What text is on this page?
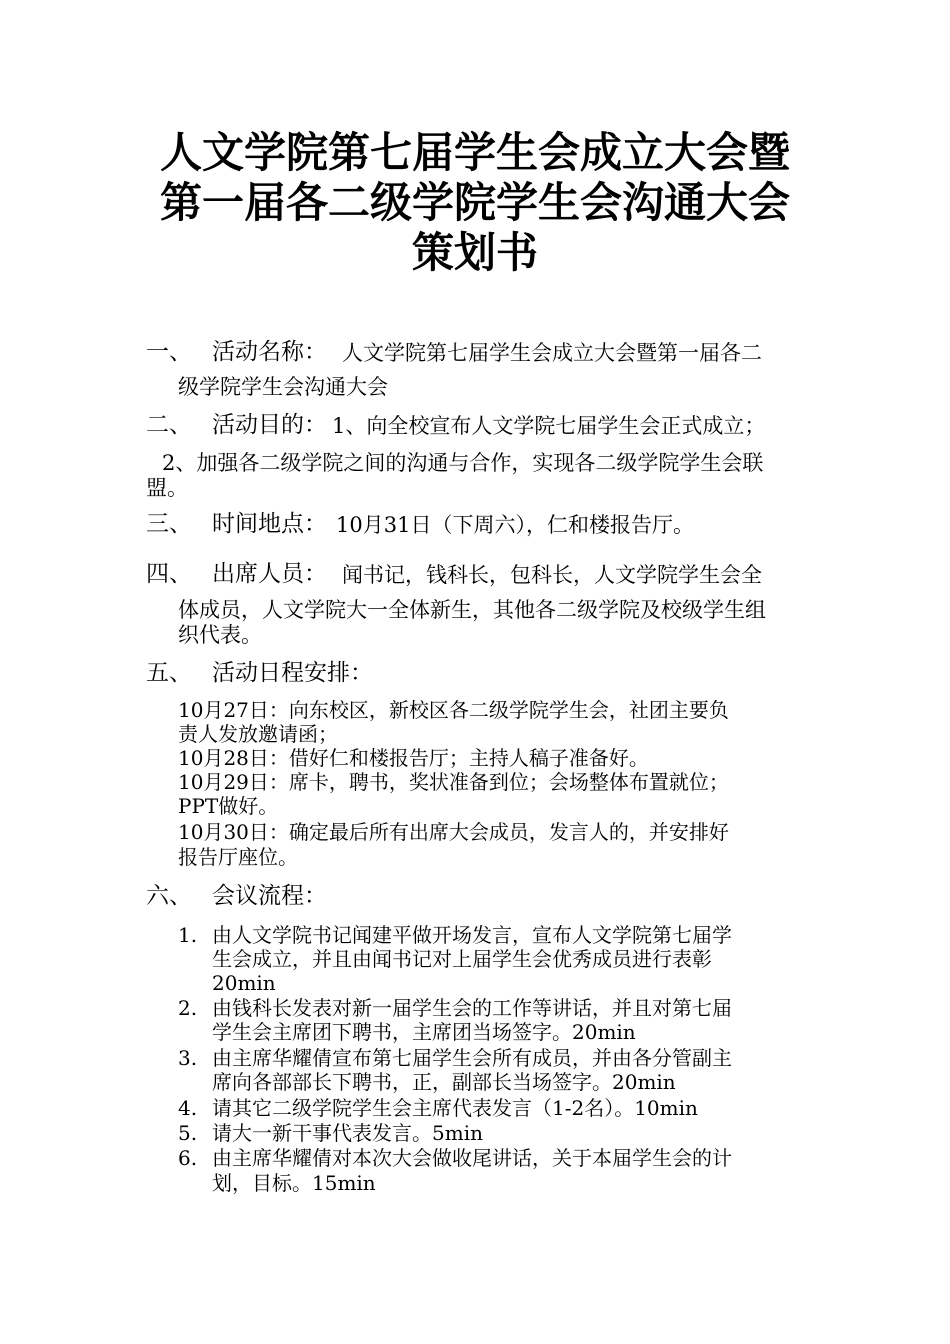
人文学院第七届学生会成立大会暨
第一届各二级学院学生会沟通大会
策划书
一、 活动名称： 人文学院第七届学生会成立大会暨第一届各二
级学院学生会沟通大会
二、 活动目的： 1、向全校宣布人文学院七届学生会正式成立；
2、加强各二级学院之间的沟通与合作，实现各二级学院学生会联
盟。
三、 时间地点： 10月31日（下周六），仁和楼报告厅。
四、 出席人员： 闻书记，钱科长，包科长，人文学院学生会全
体成员，人文学院大一全体新生，其他各二级学院及校级学生组
织代表。
五、 活动日程安排：
10月27日：向东校区，新校区各二级学院学生会，社团主要负
责人发放邀请函；
10月28日：借好仁和楼报告厅；主持人稿子准备好。
10月29日：席卡，聘书，奖状准备到位；会场整体布置就位；
PPT做好。
10月30日：确定最后所有出席大会成员，发言人的，并安排好
报告厅座位。
六、 会议流程：
1. 由人文学院书记闻建平做开场发言，宣布人文学院第七届学
生会成立，并且由闻书记对上届学生会优秀成员进行表彰
20min
2. 由钱科长发表对新一届学生会的工作等讲话，并且对第七届
学生会主席团下聘书，主席团当场签字。20min
3. 由主席华耀倩宣布第七届学生会所有成员，并由各分管副主
席向各部部长下聘书，正，副部长当场签字。20min
4. 请其它二级学院学生会主席代表发言（1-2名）。10min
5. 请大一新干事代表发言。5min
6. 由主席华耀倩对本次大会做收尾讲话，关于本届学生会的计
划，目标。15min
